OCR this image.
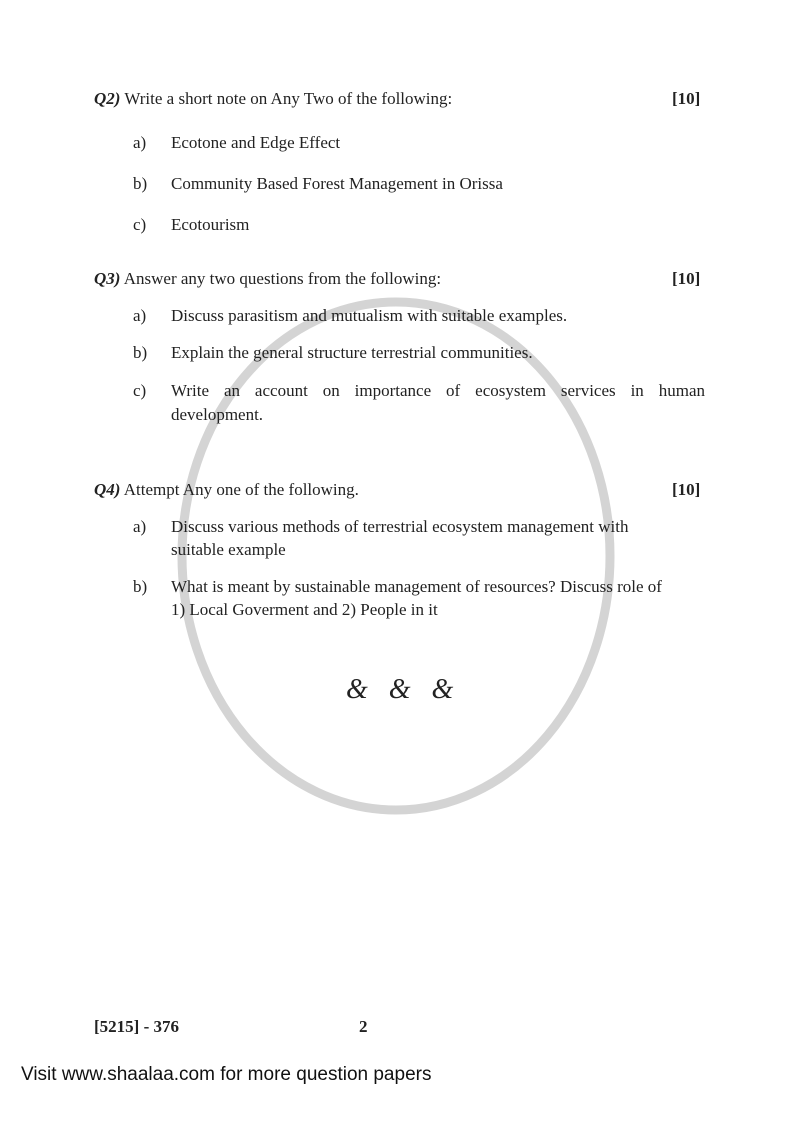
Q2) Write a short note on Any Two of the following:	[10]
a) Ecotone and Edge Effect
b) Community Based Forest Management in Orissa
c) Ecotourism
Q3) Answer any two questions from the following:	[10]
a) Discuss parasitism and mutualism with suitable examples.
b) Explain the general structure terrestrial communities.
c) Write an account on importance of ecosystem services in human
development.
Q4) Attempt Any one of the following.	[10]
a) Discuss various methods of terrestrial ecosystem management with
suitable example
b) What is meant by sustainable management of resources? Discuss role of
1) Local Goverment and 2) People in it
&   &   &
[5215] - 376	2
Visit www.shaalaa.com for more question papers
